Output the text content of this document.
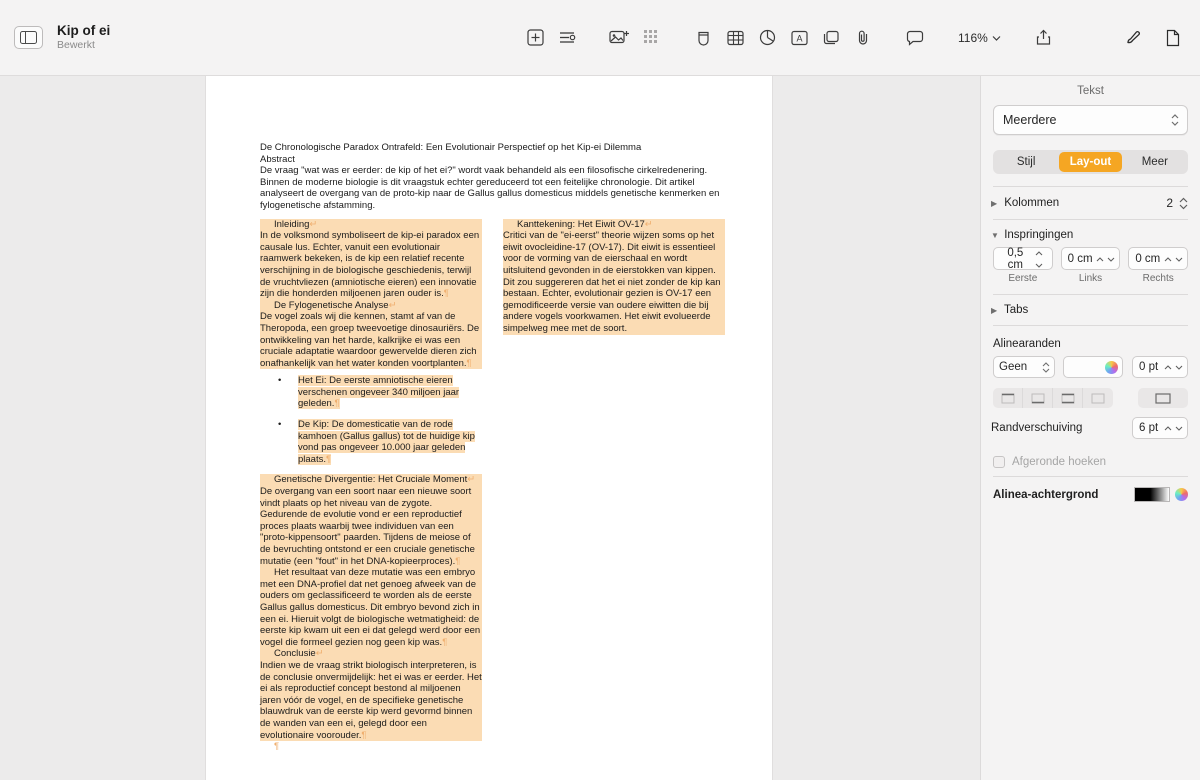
Kip of ei
Bewerkt
A	116%
De Chronologische Paradox Ontrafeld: Een Evolutionair Perspectief op het Kip-ei Dilemma
Abstract
De vraag "wat was er eerder: de kip of het ei?" wordt vaak behandeld als een filosofische cirkelredenering. Binnen de moderne biologie is dit vraagstuk echter gereduceerd tot een feitelijke chronologie. Dit artikel analyseert de overgang van de proto-kip naar de Gallus gallus domesticus middels genetische kenmerken en fylogenetische afstamming.

Inleiding↵

In de volksmond symboliseert de kip-ei paradox een causale lus. Echter, vanuit een evolutionair raamwerk bekeken, is de kip een relatief recente verschijning in de biologische geschiedenis, terwijl de vruchtvliezen (amniotische eieren) een innovatie zijn die honderden miljoenen jaren ouder is.¶

De Fylogenetische Analyse↵

De vogel zoals wij die kennen, stamt af van de Theropoda, een groep tweevoetige dinosauriërs. De ontwikkeling van het harde, kalkrijke ei was een cruciale adaptatie waardoor gewervelde dieren zich onafhankelijk van het water konden voortplanten.¶

• Het Ei: De eerste amniotische eieren verschenen ongeveer 340 miljoen jaar geleden.¶
• De Kip: De domesticatie van de rode kamhoen (Gallus gallus) tot de huidige kip vond pas ongeveer 10.000 jaar geleden plaats.¶

Genetische Divergentie: Het Cruciale Moment↵

De overgang van een soort naar een nieuwe soort vindt plaats op het niveau van de zygote. Gedurende de evolutie vond er een reproductief proces plaats waarbij twee individuen van een "proto-kippensoort" paarden. Tijdens de meiose of de bevruchting ontstond er een cruciale genetische mutatie (een "fout" in het DNA-kopieerproces).¶

Het resultaat van deze mutatie was een embryo met een DNA-profiel dat net genoeg afweek van de ouders om geclassificeerd te worden als de eerste Gallus gallus domesticus. Dit embryo bevond zich in een ei. Hieruit volgt de biologische wetmatigheid: de eerste kip kwam uit een ei dat gelegd werd door een vogel die formeel gezien nog geen kip was.¶

Conclusie↵

Indien we de vraag strikt biologisch interpreteren, is de conclusie onvermijdelijk: het ei was er eerder. Het ei als reproductief concept bestond al miljoenen jaren vóór de vogel, en de specifieke genetische blauwdruk van de eerste kip werd gevormd binnen de wanden van een ei, gelegd door een evolutionaire voorouder.¶

¶

Kanttekening: Het Eiwit OV-17↵

Critici van de "ei-eerst" theorie wijzen soms op het eiwit ovocleidine-17 (OV-17). Dit eiwit is essentieel voor de vorming van de eierschaal en wordt uitsluitend gevonden in de eierstokken van kippen. Dit zou suggereren dat het ei niet zonder de kip kan bestaan. Echter, evolutionair gezien is OV-17 een gemodificeerde versie van oudere eiwitten die bij andere vogels voorkwamen. Het eiwit evolueerde simpelweg mee met de soort.

Tekst
Meerdere
Stijl	Lay-out	Meer
▶ Kolommen	2
▼ Inspringingen
0,5 cm

Eerste
0 cm

Links
0 cm

Rechts
▶ Tabs
Alinearanden
Geen	0 pt

Randverschuiving	6 pt

Afgeronde hoeken
Alinea-achtergrond
